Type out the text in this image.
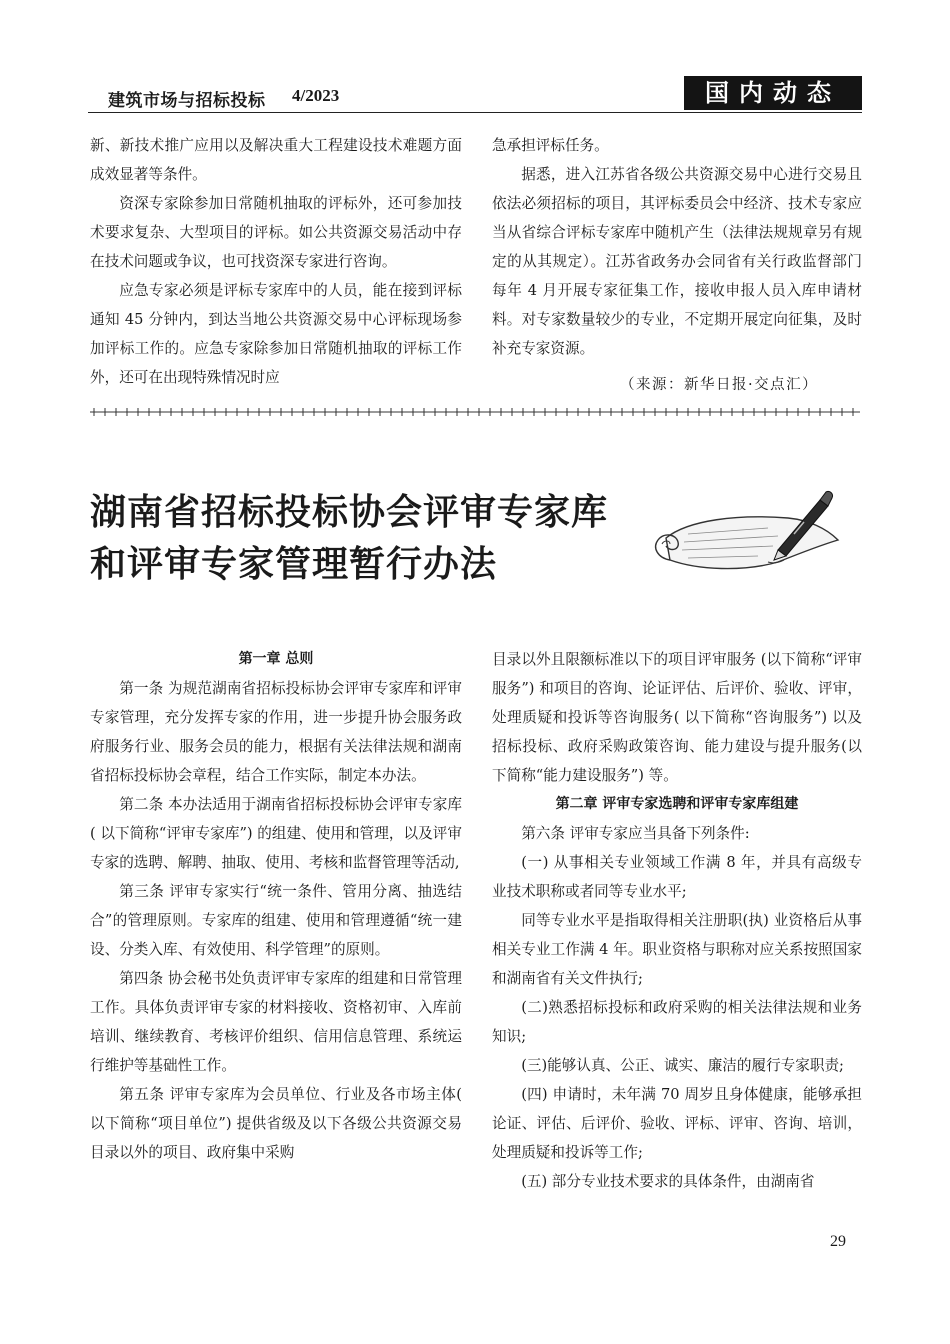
建筑市场与招标投标 4/2023	国内动态

新、新技术推广应用以及解决重大工程建设技术难题方面成效显著等条件。

资深专家除参加日常随机抽取的评标外，还可参加技术要求复杂、大型项目的评标。如公共资源交易活动中存在技术问题或争议，也可找资深专家进行咨询。

应急专家必须是评标专家库中的人员，能在接到评标通知 45 分钟内，到达当地公共资源交易中心评标现场参加评标工作的。应急专家除参加日常随机抽取的评标工作外，还可在出现特殊情况时应

急承担评标任务。

据悉，进入江苏省各级公共资源交易中心进行交易且依法必须招标的项目，其评标委员会中经济、技术专家应当从省综合评标专家库中随机产生（法律法规规章另有规定的从其规定）。江苏省政务办会同省有关行政监督部门每年 4 月开展专家征集工作，接收申报人员入库申请材料。对专家数量较少的专业，不定期开展定向征集，及时补充专家资源。

（来源：新华日报·交点汇）
湖南省招标投标协会评审专家库
和评审专家管理暂行办法

第一章 总则

第一条 为规范湖南省招标投标协会评审专家库和评审专家管理，充分发挥专家的作用，进一步提升协会服务政府服务行业、服务会员的能力，根据有关法律法规和湖南省招标投标协会章程，结合工作实际，制定本办法。

第二条 本办法适用于湖南省招标投标协会评审专家库( 以下简称“评审专家库”) 的组建、使用和管理，以及评审专家的选聘、解聘、抽取、使用、考核和监督管理等活动,

第三条 评审专家实行“统一条件、管用分离、抽选结合”的管理原则。专家库的组建、使用和管理遵循“统一建设、分类入库、有效使用、科学管理”的原则。

第四条 协会秘书处负责评审专家库的组建和日常管理工作。具体负责评审专家的材料接收、资格初审、入库前培训、继续教育、考核评价组织、信用信息管理、系统运行维护等基础性工作。

第五条 评审专家库为会员单位、行业及各市场主体( 以下简称“项目单位”) 提供省级及以下各级公共资源交易目录以外的项目、政府集中采购

目录以外且限额标准以下的项目评审服务 (以下简称“评审服务”) 和项目的咨询、论证评估、后评价、验收、评审，处理质疑和投诉等咨询服务( 以下简称“咨询服务”) 以及招标投标、政府采购政策咨询、能力建设与提升服务(以下简称“能力建设服务”) 等。

第二章 评审专家选聘和评审专家库组建

第六条 评审专家应当具备下列条件:

(一) 从事相关专业领域工作满 8 年，并具有高级专业技术职称或者同等专业水平;

同等专业水平是指取得相关注册职(执) 业资格后从事相关专业工作满 4 年。职业资格与职称对应关系按照国家和湖南省有关文件执行;

(二)熟悉招标投标和政府采购的相关法律法规和业务知识;

(三)能够认真、公正、诚实、廉洁的履行专家职责;

(四) 申请时，未年满 70 周岁且身体健康，能够承担论证、评估、后评价、验收、评标、评审、咨询、培训，处理质疑和投诉等工作;

(五) 部分专业技术要求的具体条件，由湖南省

29
